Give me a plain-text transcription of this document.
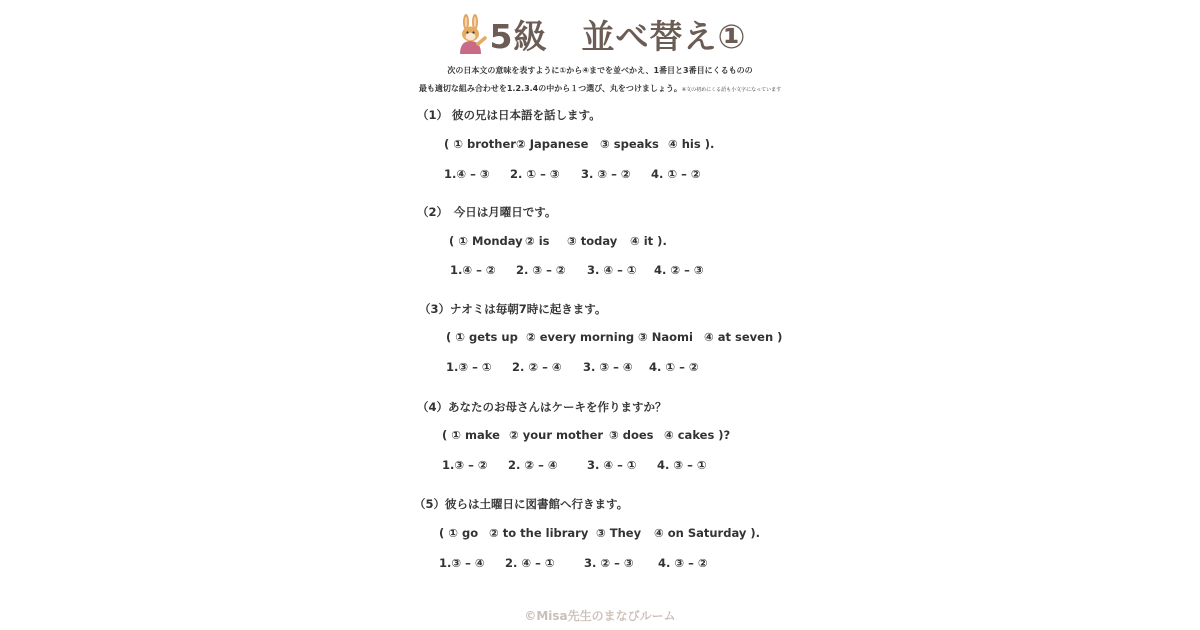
5級　並べ替え①
次の日本文の意味を表すように①から④までを並べかえ、1番目と3番目にくるものの
最も適切な組み合わせを1.2.3.4の中から１つ選び、丸をつけましょう。※文の初めにくる語も小文字になっています
（1） 彼の兄は日本語を話します。
( ① brother② Japanese ③ speaks ④ his ).
1.④ – ③ 2. ① – ③ 3. ③ – ② 4. ① – ②
（2）　今日は月曜日です。
( ① Monday ② is ③ today ④ it ).
1.④ – ② 2. ③ – ② 3. ④ – ① 4. ② – ③
（3）ナオミは毎朝7時に起きます。
( ① gets up ② every morning ③ Naomi ④ at seven )
1.③ – ① 2. ② – ④ 3. ③ – ④ 4. ① – ②
（4）あなたのお母さんはケーキを作りますか？
( ① make ② your mother ③ does ④ cakes )?
1.③ – ② 2. ② – ④	3. ④ – ① 4. ③ – ①
（5）彼らは土曜日に図書館へ行きます。
( ① go ② to the library ③ They ④ on Saturday ).
1.③ – ④ 2. ④ – ①	3. ② – ③ 4. ③ – ②
©Misa先生のまなびルーム
